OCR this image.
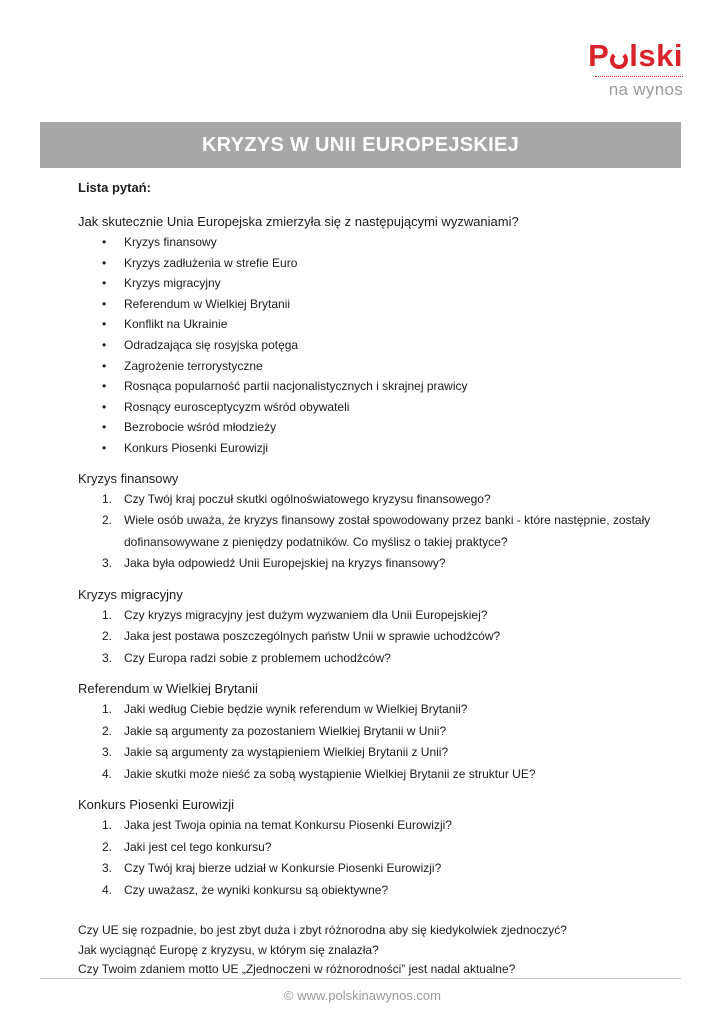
P lski
na wynos
KRYZYS W UNII EUROPEJSKIEJ
Lista pytań:
Jak skutecznie Unia Europejska zmierzyła się z następującymi wyzwaniami?
• Kryzys finansowy
• Kryzys zadłużenia w strefie Euro
• Kryzys migracyjny
• Referendum w Wielkiej Brytanii
• Konflikt na Ukrainie
• Odradzająca się rosyjska potęga
• Zagrożenie terrorystyczne
• Rosnąca popularność partii nacjonalistycznych i skrajnej prawicy
• Rosnący eurosceptycyzm wśród obywateli
• Bezrobocie wśród młodzieży
• Konkurs Piosenki Eurowizji
Kryzys finansowy
1. Czy Twój kraj poczuł skutki ogólnoświatowego kryzysu finansowego?
2. Wiele osób uważa, że kryzys finansowy został spowodowany przez banki - które następnie, zostały dofinansowywane z pieniędzy podatników. Co myślisz o takiej praktyce?
3. Jaka była odpowiedź Unii Europejskiej na kryzys finansowy?
Kryzys migracyjny
1. Czy kryzys migracyjny jest dużym wyzwaniem dla Unii Europejskiej?
2. Jaka jest postawa poszczególnych państw Unii w sprawie uchodźców?
3. Czy Europa radzi sobie z problemem uchodźców?
Referendum w Wielkiej Brytanii
1. Jaki według Ciebie będzie wynik referendum w Wielkiej Brytanii?
2. Jakie są argumenty za pozostaniem Wielkiej Brytanii w Unii?
3. Jakie są argumenty za wystąpieniem Wielkiej Brytanii z Unii?
4. Jakie skutki może nieść za sobą wystąpienie Wielkiej Brytanii ze struktur UE?
Konkurs Piosenki Eurowizji
1. Jaka jest Twoja opinia na temat Konkursu Piosenki Eurowizji?
2. Jaki jest cel tego konkursu?
3. Czy Twój kraj bierze udział w Konkursie Piosenki Eurowizji?
4. Czy uważasz, że wyniki konkursu są obiektywne?
Czy UE się rozpadnie, bo jest zbyt duża i zbyt różnorodna aby się kiedykolwiek zjednoczyć?
Jak wyciągnąć Europę z kryzysu, w którym się znalazła?
Czy Twoim zdaniem motto UE „Zjednoczeni w różnorodności” jest nadal aktualne?
© www.polskinawynos.com
